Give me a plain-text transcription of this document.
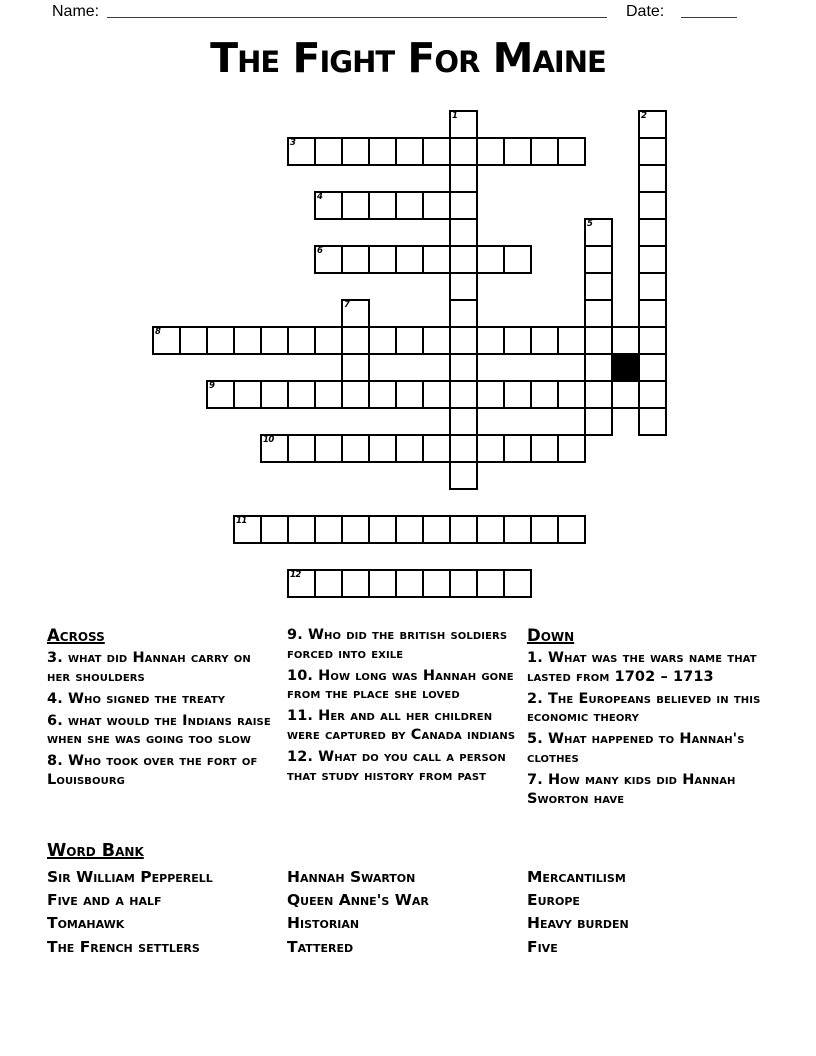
Name:	Date:
The Fight For Maine
1	2
3
4
5
6
7
8
9
10
11
12
Across

3. what did Hannah carry on her shoulders

4. Who signed the treaty

6. what would the Indians raise when she was going too slow

8. Who took over the fort of Louisbourg

9. Who did the british soldiers forced into exile

10. How long was Hannah gone from the place she loved

11. Her and all her children were captured by Canada indians

12. What do you call a person that study history from past

Down

1. What was the wars name that lasted from 1702 – 1713

2. The Europeans believed in this economic theory

5. What happened to Hannah's clothes

7. How many kids did Hannah Sworton have

Word Bank
Sir William Pepperell
Five and a half
Tomahawk
The French settlers
Hannah Swarton
Queen Anne's War
Historian
Tattered
Mercantilism
Europe
Heavy burden
Five
